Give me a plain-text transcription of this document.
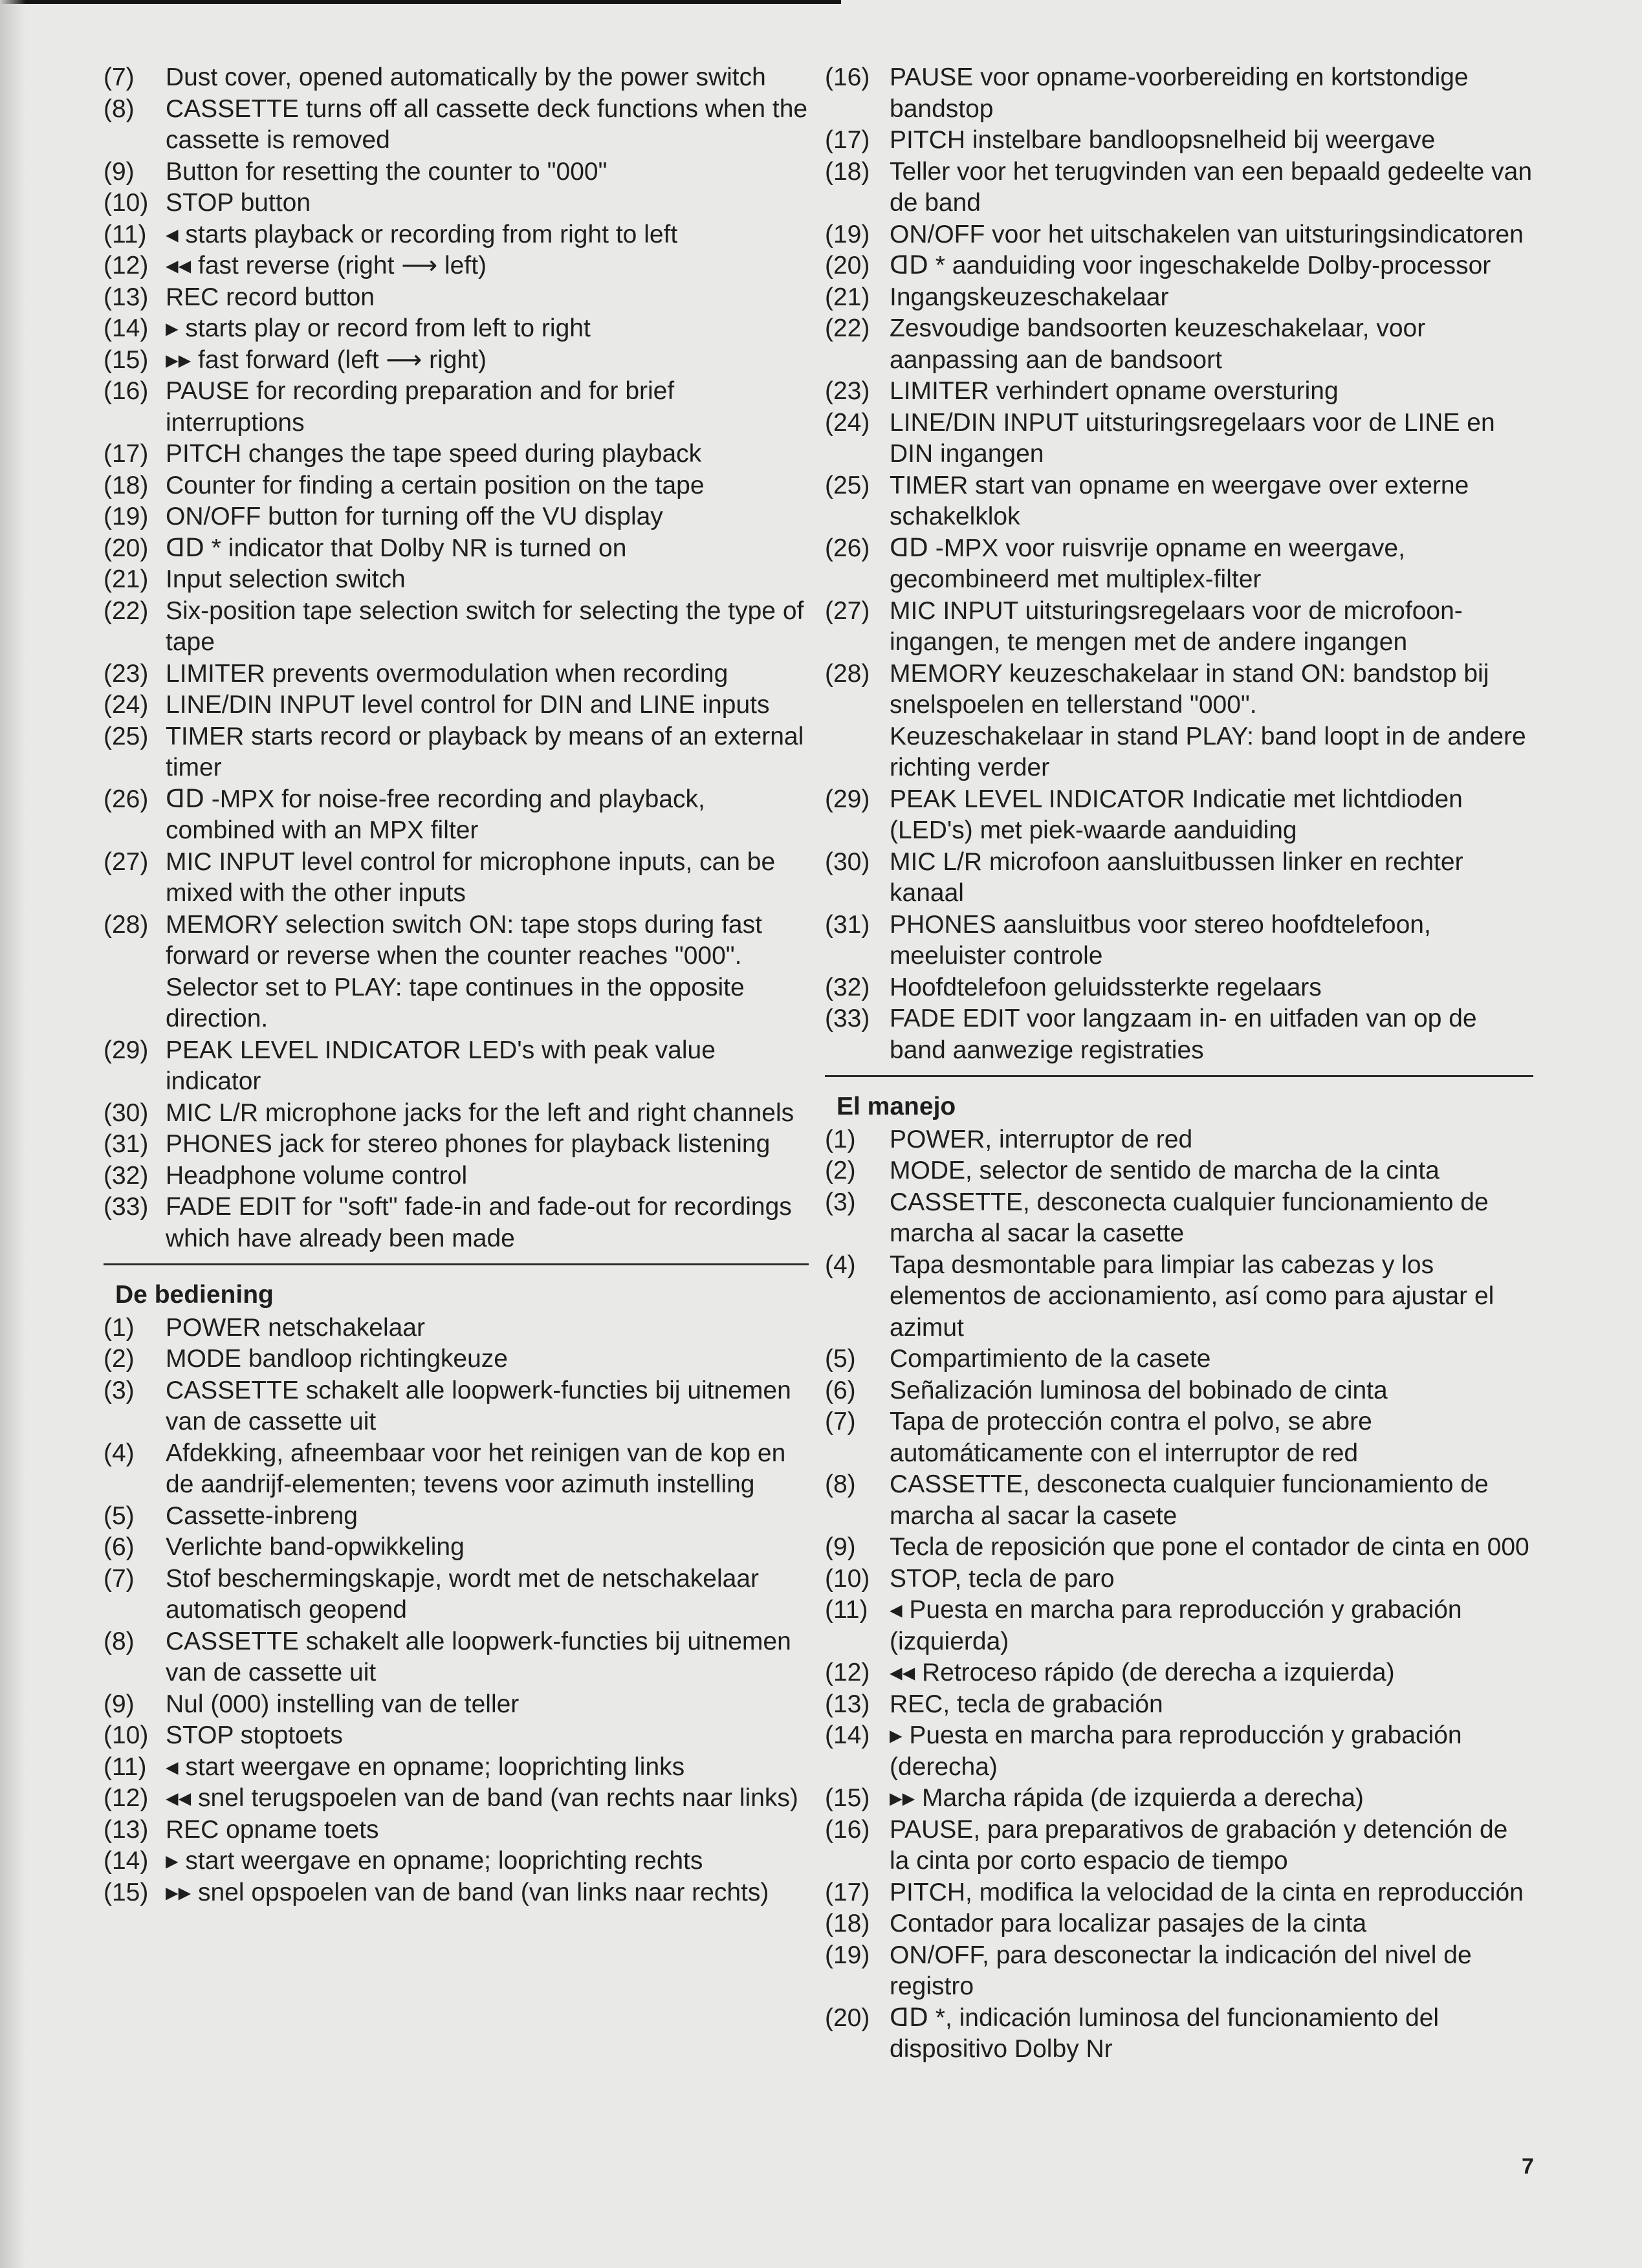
(7)	Dust cover, opened automatically by the power switch
(8)	CASSETTE turns off all cassette deck functions when the cassette is removed
(9)	Button for resetting the counter to "000"
(10) STOP button
(11) ◂ starts playback or recording from right to left
(12) ◂◂ fast reverse (right ⟶ left)
(13) REC record button
(14) ▸ starts play or record from left to right
(15) ▸▸ fast forward (left ⟶ right)
(16) PAUSE for recording preparation and for brief interruptions
(17) PITCH changes the tape speed during playback
(18) Counter for finding a certain position on the tape
(19) ON/OFF button for turning off the VU display
(20) ᗡᗞ * indicator that Dolby NR is turned on
(21) Input selection switch
(22) Six-position tape selection switch for selecting the type of tape
(23) LIMITER prevents overmodulation when recording
(24) LINE/DIN INPUT level control for DIN and LINE inputs
(25) TIMER starts record or playback by means of an external timer
(26) ᗡᗞ -MPX for noise-free recording and playback, combined with an MPX filter
(27) MIC INPUT level control for microphone inputs, can be mixed with the other inputs
(28) MEMORY selection switch ON: tape stops during fast forward or reverse when the counter reaches "000".
Selector set to PLAY: tape continues in the opposite direction.
(29) PEAK LEVEL INDICATOR LED's with peak value indicator
(30) MIC L/R microphone jacks for the left and right channels
(31) PHONES jack for stereo phones for playback listening
(32) Headphone volume control
(33) FADE EDIT for "soft" fade-in and fade-out for recordings which have already been made
De bediening
(1)	POWER netschakelaar
(2)	MODE bandloop richtingkeuze
(3)	CASSETTE schakelt alle loopwerk-functies bij uitnemen van de cassette uit
(4)	Afdekking, afneembaar voor het reinigen van de kop en de aandrijf-elementen; tevens voor azimuth instelling
(5)	Cassette-inbreng
(6)	Verlichte band-opwikkeling
(7)	Stof beschermingskapje, wordt met de netschakelaar automatisch geopend
(8)	CASSETTE schakelt alle loopwerk-functies bij uitnemen van de cassette uit
(9)	Nul (000) instelling van de teller
(10) STOP stoptoets
(11) ◂ start weergave en opname; looprichting links
(12) ◂◂ snel terugspoelen van de band (van rechts naar links)
(13) REC opname toets
(14) ▸ start weergave en opname; looprichting rechts
(15) ▸▸ snel opspoelen van de band (van links naar rechts)
(16) PAUSE voor opname-voorbereiding en kortstondige bandstop
(17) PITCH instelbare bandloopsnelheid bij weergave
(18) Teller voor het terugvinden van een bepaald gedeelte van de band
(19) ON/OFF voor het uitschakelen van uitsturingsindicatoren
(20) ᗡᗞ * aanduiding voor ingeschakelde Dolby-processor
(21) Ingangskeuzeschakelaar
(22) Zesvoudige bandsoorten keuzeschakelaar, voor aanpassing aan de bandsoort
(23) LIMITER verhindert opname oversturing
(24) LINE/DIN INPUT uitsturingsregelaars voor de LINE en DIN ingangen
(25) TIMER start van opname en weergave over externe schakelklok
(26) ᗡᗞ -MPX voor ruisvrije opname en weergave, gecombineerd met multiplex-filter
(27) MIC INPUT uitsturingsregelaars voor de microfoon-ingangen, te mengen met de andere ingangen
(28) MEMORY keuzeschakelaar in stand ON: bandstop bij snelspoelen en tellerstand "000".
Keuzeschakelaar in stand PLAY: band loopt in de andere richting verder
(29) PEAK LEVEL INDICATOR Indicatie met lichtdioden (LED's) met piek-waarde aanduiding
(30) MIC L/R microfoon aansluitbussen linker en rechter kanaal
(31) PHONES aansluitbus voor stereo hoofdtelefoon, meeluister controle
(32) Hoofdtelefoon geluidssterkte regelaars
(33) FADE EDIT voor langzaam in- en uitfaden van op de band aanwezige registraties
El manejo
(1)	POWER, interruptor de red
(2)	MODE, selector de sentido de marcha de la cinta
(3)	CASSETTE, desconecta cualquier funcionamiento de marcha al sacar la casette
(4)	Tapa desmontable para limpiar las cabezas y los elementos de accionamiento, así como para ajustar el azimut
(5)	Compartimiento de la casete
(6)	Señalización luminosa del bobinado de cinta
(7)	Tapa de protección contra el polvo, se abre automáticamente con el interruptor de red
(8)	CASSETTE, desconecta cualquier funcionamiento de marcha al sacar la casete
(9)	Tecla de reposición que pone el contador de cinta en 000
(10) STOP, tecla de paro
(11) ◂ Puesta en marcha para reproducción y grabación (izquierda)
(12) ◂◂ Retroceso rápido (de derecha a izquierda)
(13) REC, tecla de grabación
(14) ▸ Puesta en marcha para reproducción y grabación (derecha)
(15) ▸▸ Marcha rápida (de izquierda a derecha)
(16) PAUSE, para preparativos de grabación y detención de la cinta por corto espacio de tiempo
(17) PITCH, modifica la velocidad de la cinta en reproducción
(18) Contador para localizar pasajes de la cinta
(19) ON/OFF, para desconectar la indicación del nivel de registro
(20) ᗡᗞ *, indicación luminosa del funcionamiento del dispositivo Dolby Nr
7
